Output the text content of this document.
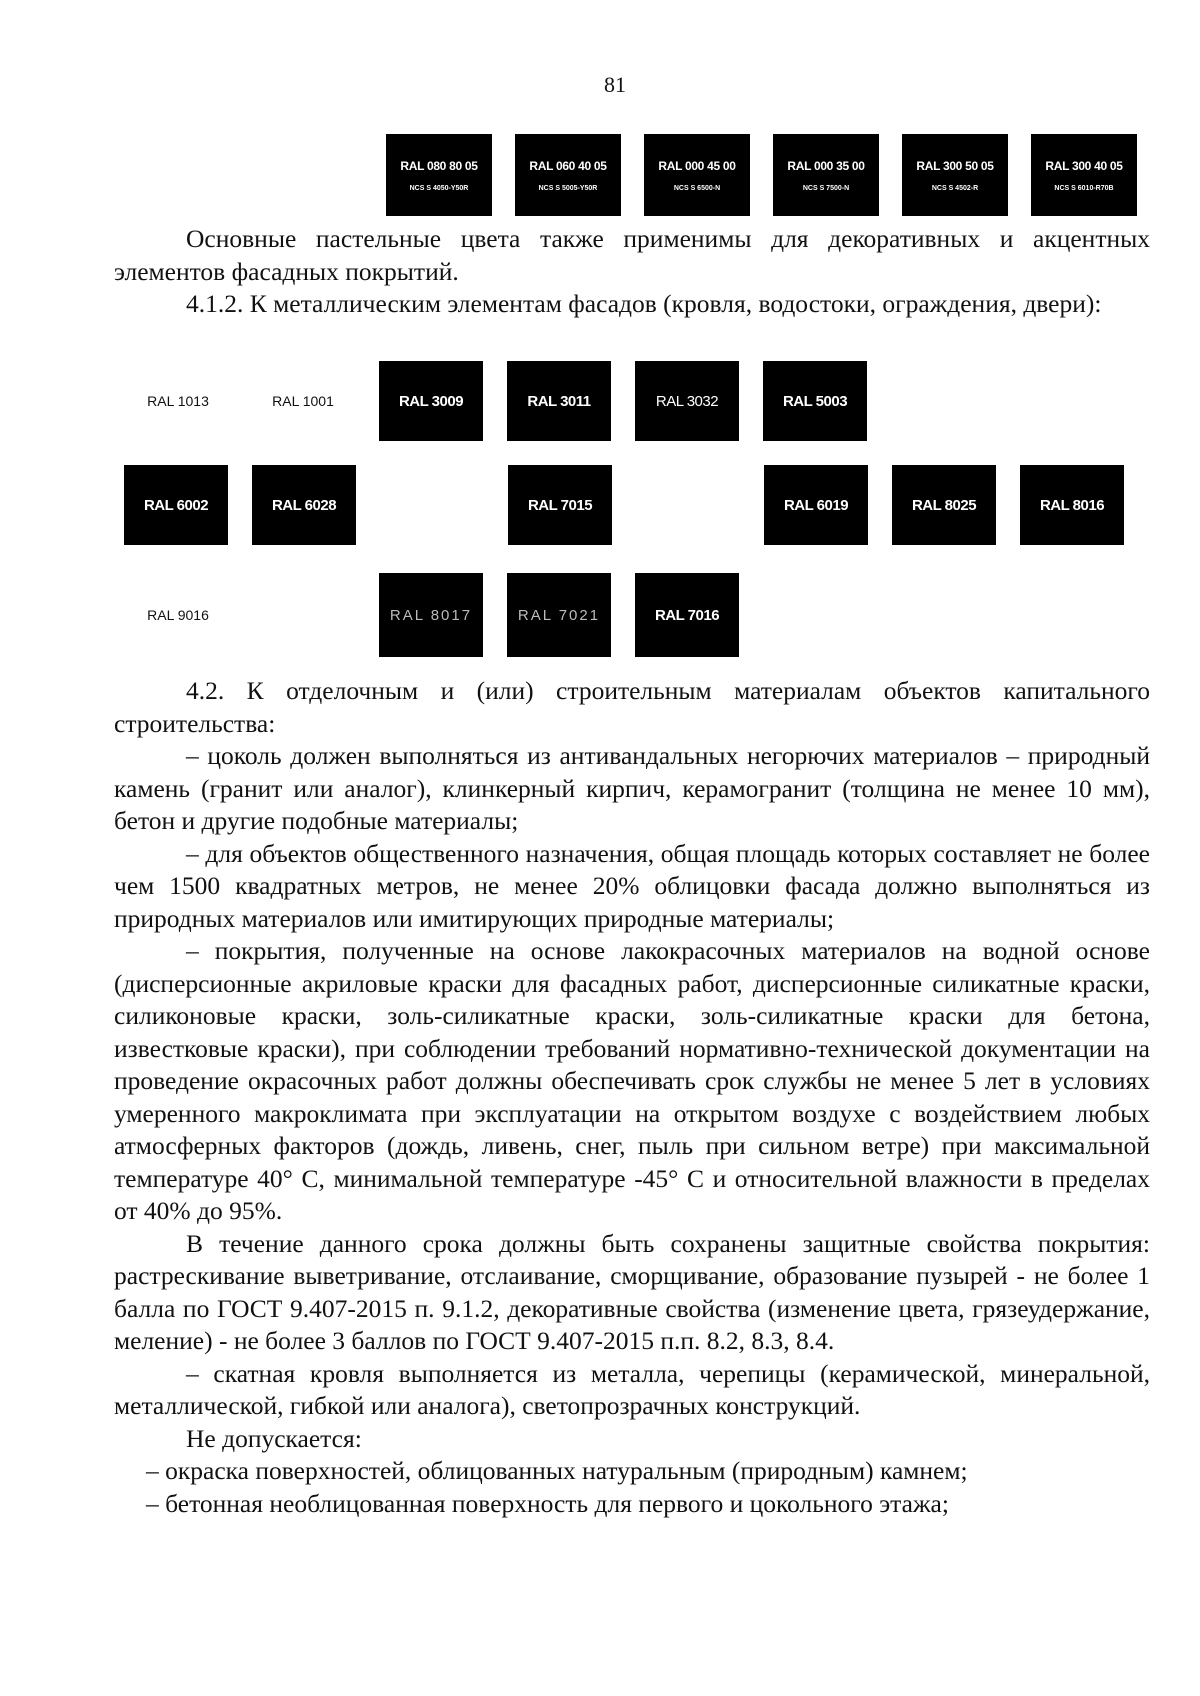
81
RAL 080 80 05
NCS S 4050-Y50R
RAL 060 40 05
NCS S 5005-Y50R
RAL 000 45 00
NCS S 6500-N
RAL 000 35 00
NCS S 7500-N
RAL 300 50 05
NCS S 4502-R
RAL 300 40 05
NCS S 6010-R70B

Основные пастельные цвета также применимы для декоративных и акцентных элементов фасадных покрытий.

4.1.2. К металлическим элементам фасадов (кровля, водостоки, ограждения, двери):

RAL 1013	RAL 1001	RAL 3009	RAL 3011	RAL 3032	RAL 5003
RAL 6002	RAL 6028	RAL 7015	RAL 6019	RAL 8025	RAL 8016
RAL 9016	RAL 8017	RAL 7021	RAL 7016

4.2. К отделочным и (или) строительным материалам объектов капитального строительства:

– цоколь должен выполняться из антивандальных негорючих материалов – природный камень (гранит или аналог), клинкерный кирпич, керамогранит (толщина не менее 10 мм), бетон и другие подобные материалы;

– для объектов общественного назначения, общая площадь которых составляет не более чем 1500 квадратных метров, не менее 20% облицовки фасада должно выполняться из природных материалов или имитирующих природные материалы;

– покрытия, полученные на основе лакокрасочных материалов на водной основе (дисперсионные акриловые краски для фасадных работ, дисперсионные силикатные краски, силиконовые краски, золь-силикатные краски, золь-силикатные краски для бетона, известковые краски), при соблюдении требований нормативно-технической документации на проведение окрасочных работ должны обеспечивать срок службы не менее 5 лет в условиях умеренного макроклимата при эксплуатации на открытом воздухе с воздействием любых атмосферных факторов (дождь, ливень, снег, пыль при сильном ветре) при максимальной температуре 40° С, минимальной температуре -45° С и относительной влажности в пределах от 40% до 95%.

В течение данного срока должны быть сохранены защитные свойства покрытия: растрескивание выветривание, отслаивание, сморщивание, образование пузырей - не более 1 балла по ГОСТ 9.407-2015 п. 9.1.2, декоративные свойства (изменение цвета, грязеудержание, меление) - не более 3 баллов по ГОСТ 9.407-2015 п.п. 8.2, 8.3, 8.4.

– скатная кровля выполняется из металла, черепицы (керамической, минеральной, металлической, гибкой или аналога), светопрозрачных конструкций.

Не допускается:

– окраска поверхностей, облицованных натуральным (природным) камнем;

– бетонная необлицованная поверхность для первого и цокольного этажа;
